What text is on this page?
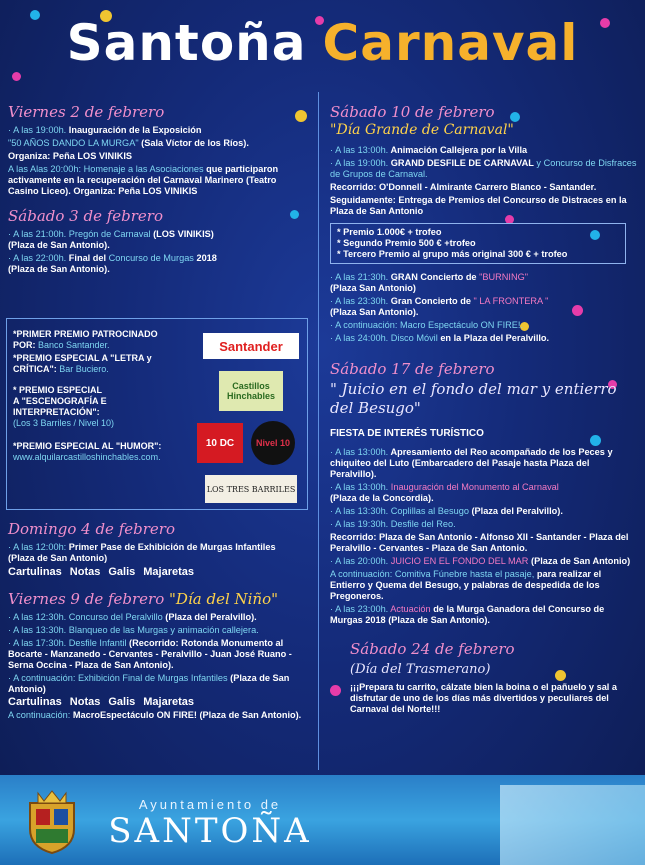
Santoña Carnaval
Viernes 2 de febrero
· A las 19:00h. Inauguración de la Exposición
"50 AÑOS DANDO LA MURGA" (Sala Víctor de los Ríos).
Organiza: Peña LOS VINIKIS
A las Alas 20:00h: Homenaje a las Asociaciones que participaron activamente en la recuperación del Carnaval Marinero (Teatro Casino Liceo). Organiza: Peña LOS VINIKIS
Sábado 3 de febrero
· A las 21:00h. Pregón de Carnaval (LOS VINIKIS)
(Plaza de San Antonio).
· A las 22:00h. Final del Concurso de Murgas 2018
(Plaza de San Antonio).
*PRIMER PREMIO PATROCINADO
POR: Banco Santander.
*PREMIO ESPECIAL A "LETRA y
CRÍTICA": Bar Buciero.
* PREMIO ESPECIAL
A "ESCENOGRAFÍA E
INTERPRETACIÓN":
(Los 3 Barriles / Nivel 10)
*PREMIO ESPECIAL AL "HUMOR":
www.alquilarcastilloshinchables.com.
Santander
Castillos Hinchables
10 DC	Nivel 10
LOS TRES BARRILES
Domingo 4 de febrero
· A las 12:00h: Primer Pase de Exhibición de Murgas Infantiles
(Plaza de San Antonio)
Cartulinas Notas Galis Majaretas
Viernes 9 de febrero "Día del Niño"
· A las 12:30h. Concurso del Peralvillo (Plaza del Peralvillo).
· A las 13:30h. Blanqueo de las Murgas y animación callejera.
· A las 17:30h. Desfile Infantil (Recorrido: Rotonda Monumento al Bocarte - Manzanedo - Cervantes - Peralvillo - Juan José Ruano - Serna Occina - Plaza de San Antonio).
· A continuación: Exhibición Final de Murgas Infantiles (Plaza de San Antonio)
Cartulinas Notas Galis Majaretas
A continuación: MacroEspectáculo ON FIRE! (Plaza de San Antonio).
Sábado 10 de febrero
"Día Grande de Carnaval"
· A las 13:00h. Animación Callejera por la Villa
· A las 19:00h. GRAND DESFILE DE CARNAVAL y Concurso de Disfraces de Grupos de Carnaval.
Recorrido: O'Donnell - Almirante Carrero Blanco - Santander.
Seguidamente: Entrega de Premios del Concurso de Distraces en la Plaza de San Antonio
* Premio 1.000€ + trofeo
* Segundo Premio 500 € +trofeo
* Tercero Premio al grupo más original 300 € + trofeo
· A las 21:30h. GRAN Concierto de "BURNING"
(Plaza San Antonio)
· A las 23:30h. Gran Concierto de " LA FRONTERA "
(Plaza San Antonio).
· A continuación: Macro Espectáculo ON FIRE!.
· A las 24:00h. Disco Móvil en la Plaza del Peralvillo.
Sábado 17 de febrero
" Juicio en el fondo del mar y entierro del Besugo"
FIESTA DE INTERÉS TURÍSTICO
· A las 13:00h. Apresamiento del Reo acompañado de los Peces y chiquiteo del Luto (Embarcadero del Pasaje hasta Plaza del Peralvillo).
· A las 13:00h. Inauguración del Monumento al Carnaval
(Plaza de la Concordia).
· A las 13:30h. Coplillas al Besugo (Plaza del Peralvillo).
· A las 19:30h. Desfile del Reo.
Recorrido: Plaza de San Antonio - Alfonso XII - Santander - Plaza del Peralvillo - Cervantes - Plaza de San Antonio.
· A las 20:00h. JUICIO EN EL FONDO DEL MAR (Plaza de San Antonio)
A continuación: Comitiva Fúnebre hasta el pasaje, para realizar el Entierro y Quema del Besugo, y palabras de despedida de los Pregoneros.
· A las 23:00h. Actuación de la Murga Ganadora del Concurso de Murgas 2018 (Plaza de San Antonio).
Sábado 24 de febrero
(Día del Trasmerano)
¡¡¡Prepara tu carrito, cálzate bien la boina o el pañuelo y sal a disfrutar de uno de los días más divertidos y peculiares del Carnaval del Norte!!!
Ayuntamiento de
SANTOÑA
